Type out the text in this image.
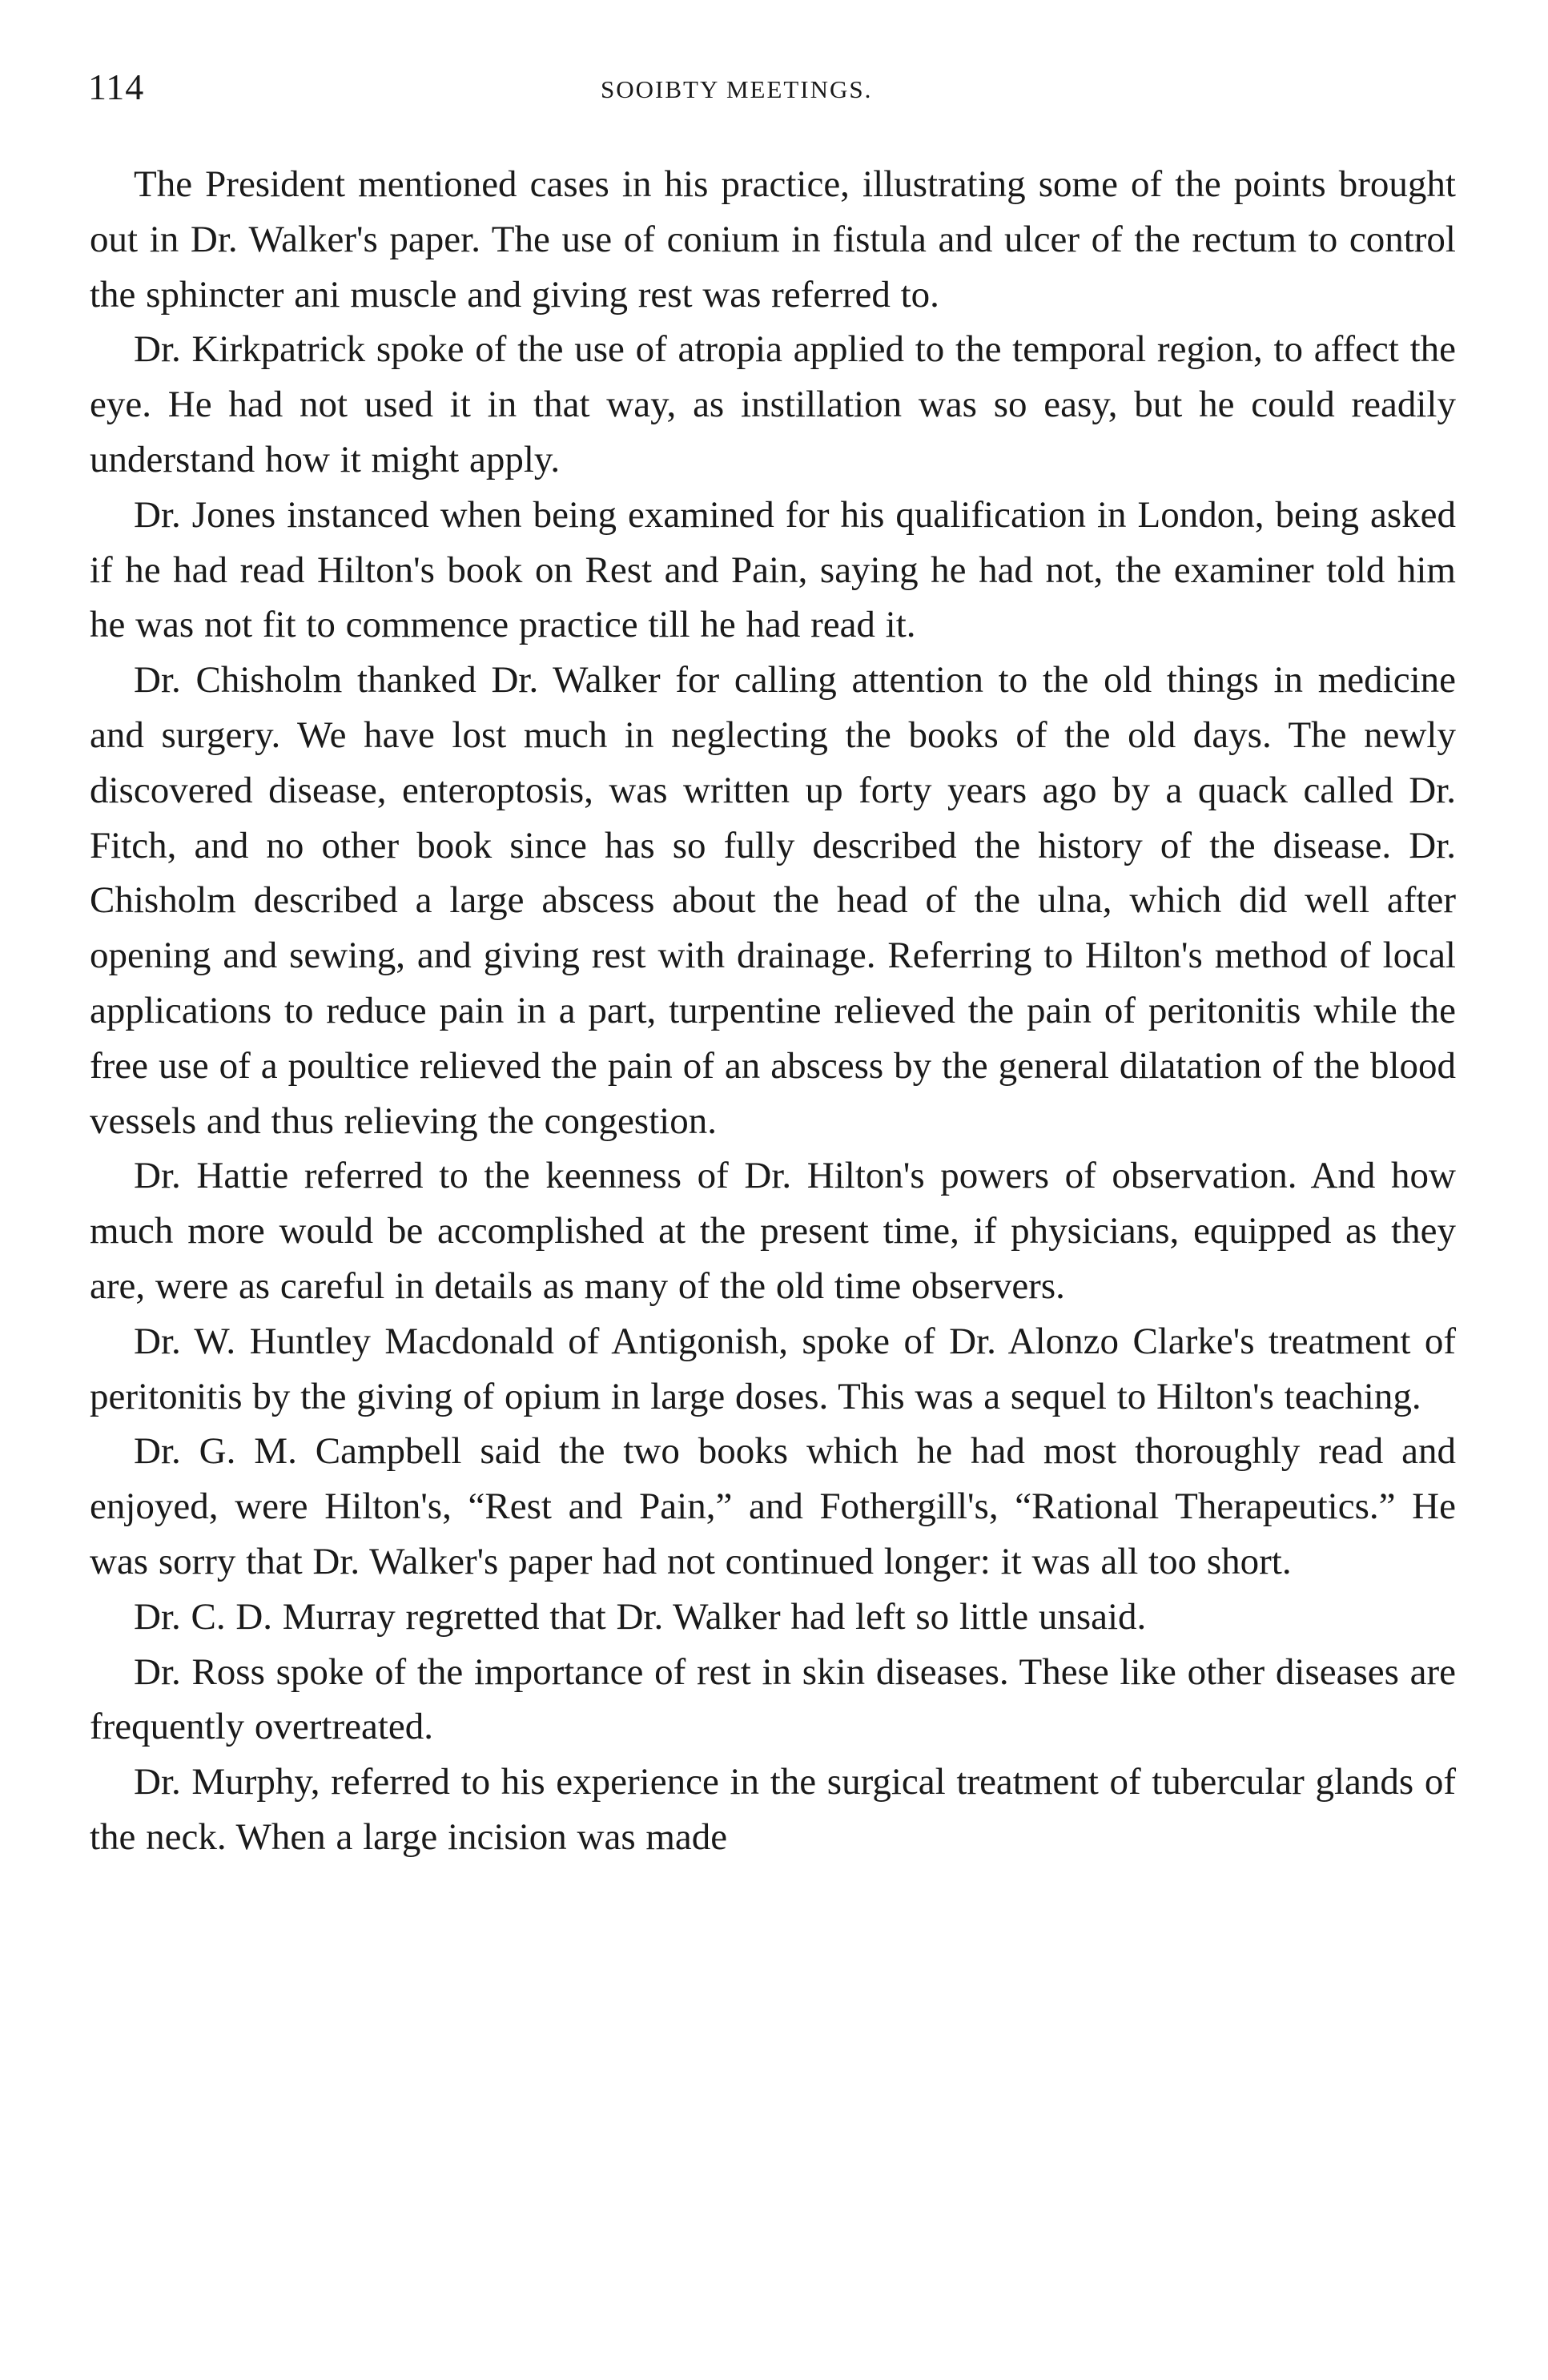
114	SOOIBTY MEETINGS.

The President mentioned cases in his practice, illustrating some of the points brought out in Dr. Walker's paper. The use of conium in fistula and ulcer of the rectum to control the sphincter ani muscle and giving rest was referred to.

Dr. Kirkpatrick spoke of the use of atropia applied to the temporal region, to affect the eye. He had not used it in that way, as instillation was so easy, but he could readily understand how it might apply.

Dr. Jones instanced when being examined for his qualification in London, being asked if he had read Hilton's book on Rest and Pain, saying he had not, the examiner told him he was not fit to commence practice till he had read it.

Dr. Chisholm thanked Dr. Walker for calling attention to the old things in medicine and surgery. We have lost much in neglecting the books of the old days. The newly discovered disease, enteroptosis, was written up forty years ago by a quack called Dr. Fitch, and no other book since has so fully described the history of the disease. Dr. Chisholm described a large abscess about the head of the ulna, which did well after opening and sewing, and giving rest with drainage. Referring to Hilton's method of local applications to reduce pain in a part, turpentine relieved the pain of peritonitis while the free use of a poultice relieved the pain of an abscess by the general dilatation of the blood vessels and thus relieving the congestion.

Dr. Hattie referred to the keenness of Dr. Hilton's powers of observation. And how much more would be accomplished at the present time, if physicians, equipped as they are, were as careful in details as many of the old time observers.

Dr. W. Huntley Macdonald of Antigonish, spoke of Dr. Alonzo Clarke's treatment of peritonitis by the giving of opium in large doses. This was a sequel to Hilton's teaching.

Dr. G. M. Campbell said the two books which he had most thoroughly read and enjoyed, were Hilton's, “Rest and Pain,” and Fothergill's, “Rational Therapeutics.” He was sorry that Dr. Walker's paper had not continued longer: it was all too short.

Dr. C. D. Murray regretted that Dr. Walker had left so little unsaid.

Dr. Ross spoke of the importance of rest in skin diseases. These like other diseases are frequently overtreated.

Dr. Murphy, referred to his experience in the surgical treatment of tubercular glands of the neck. When a large incision was made
